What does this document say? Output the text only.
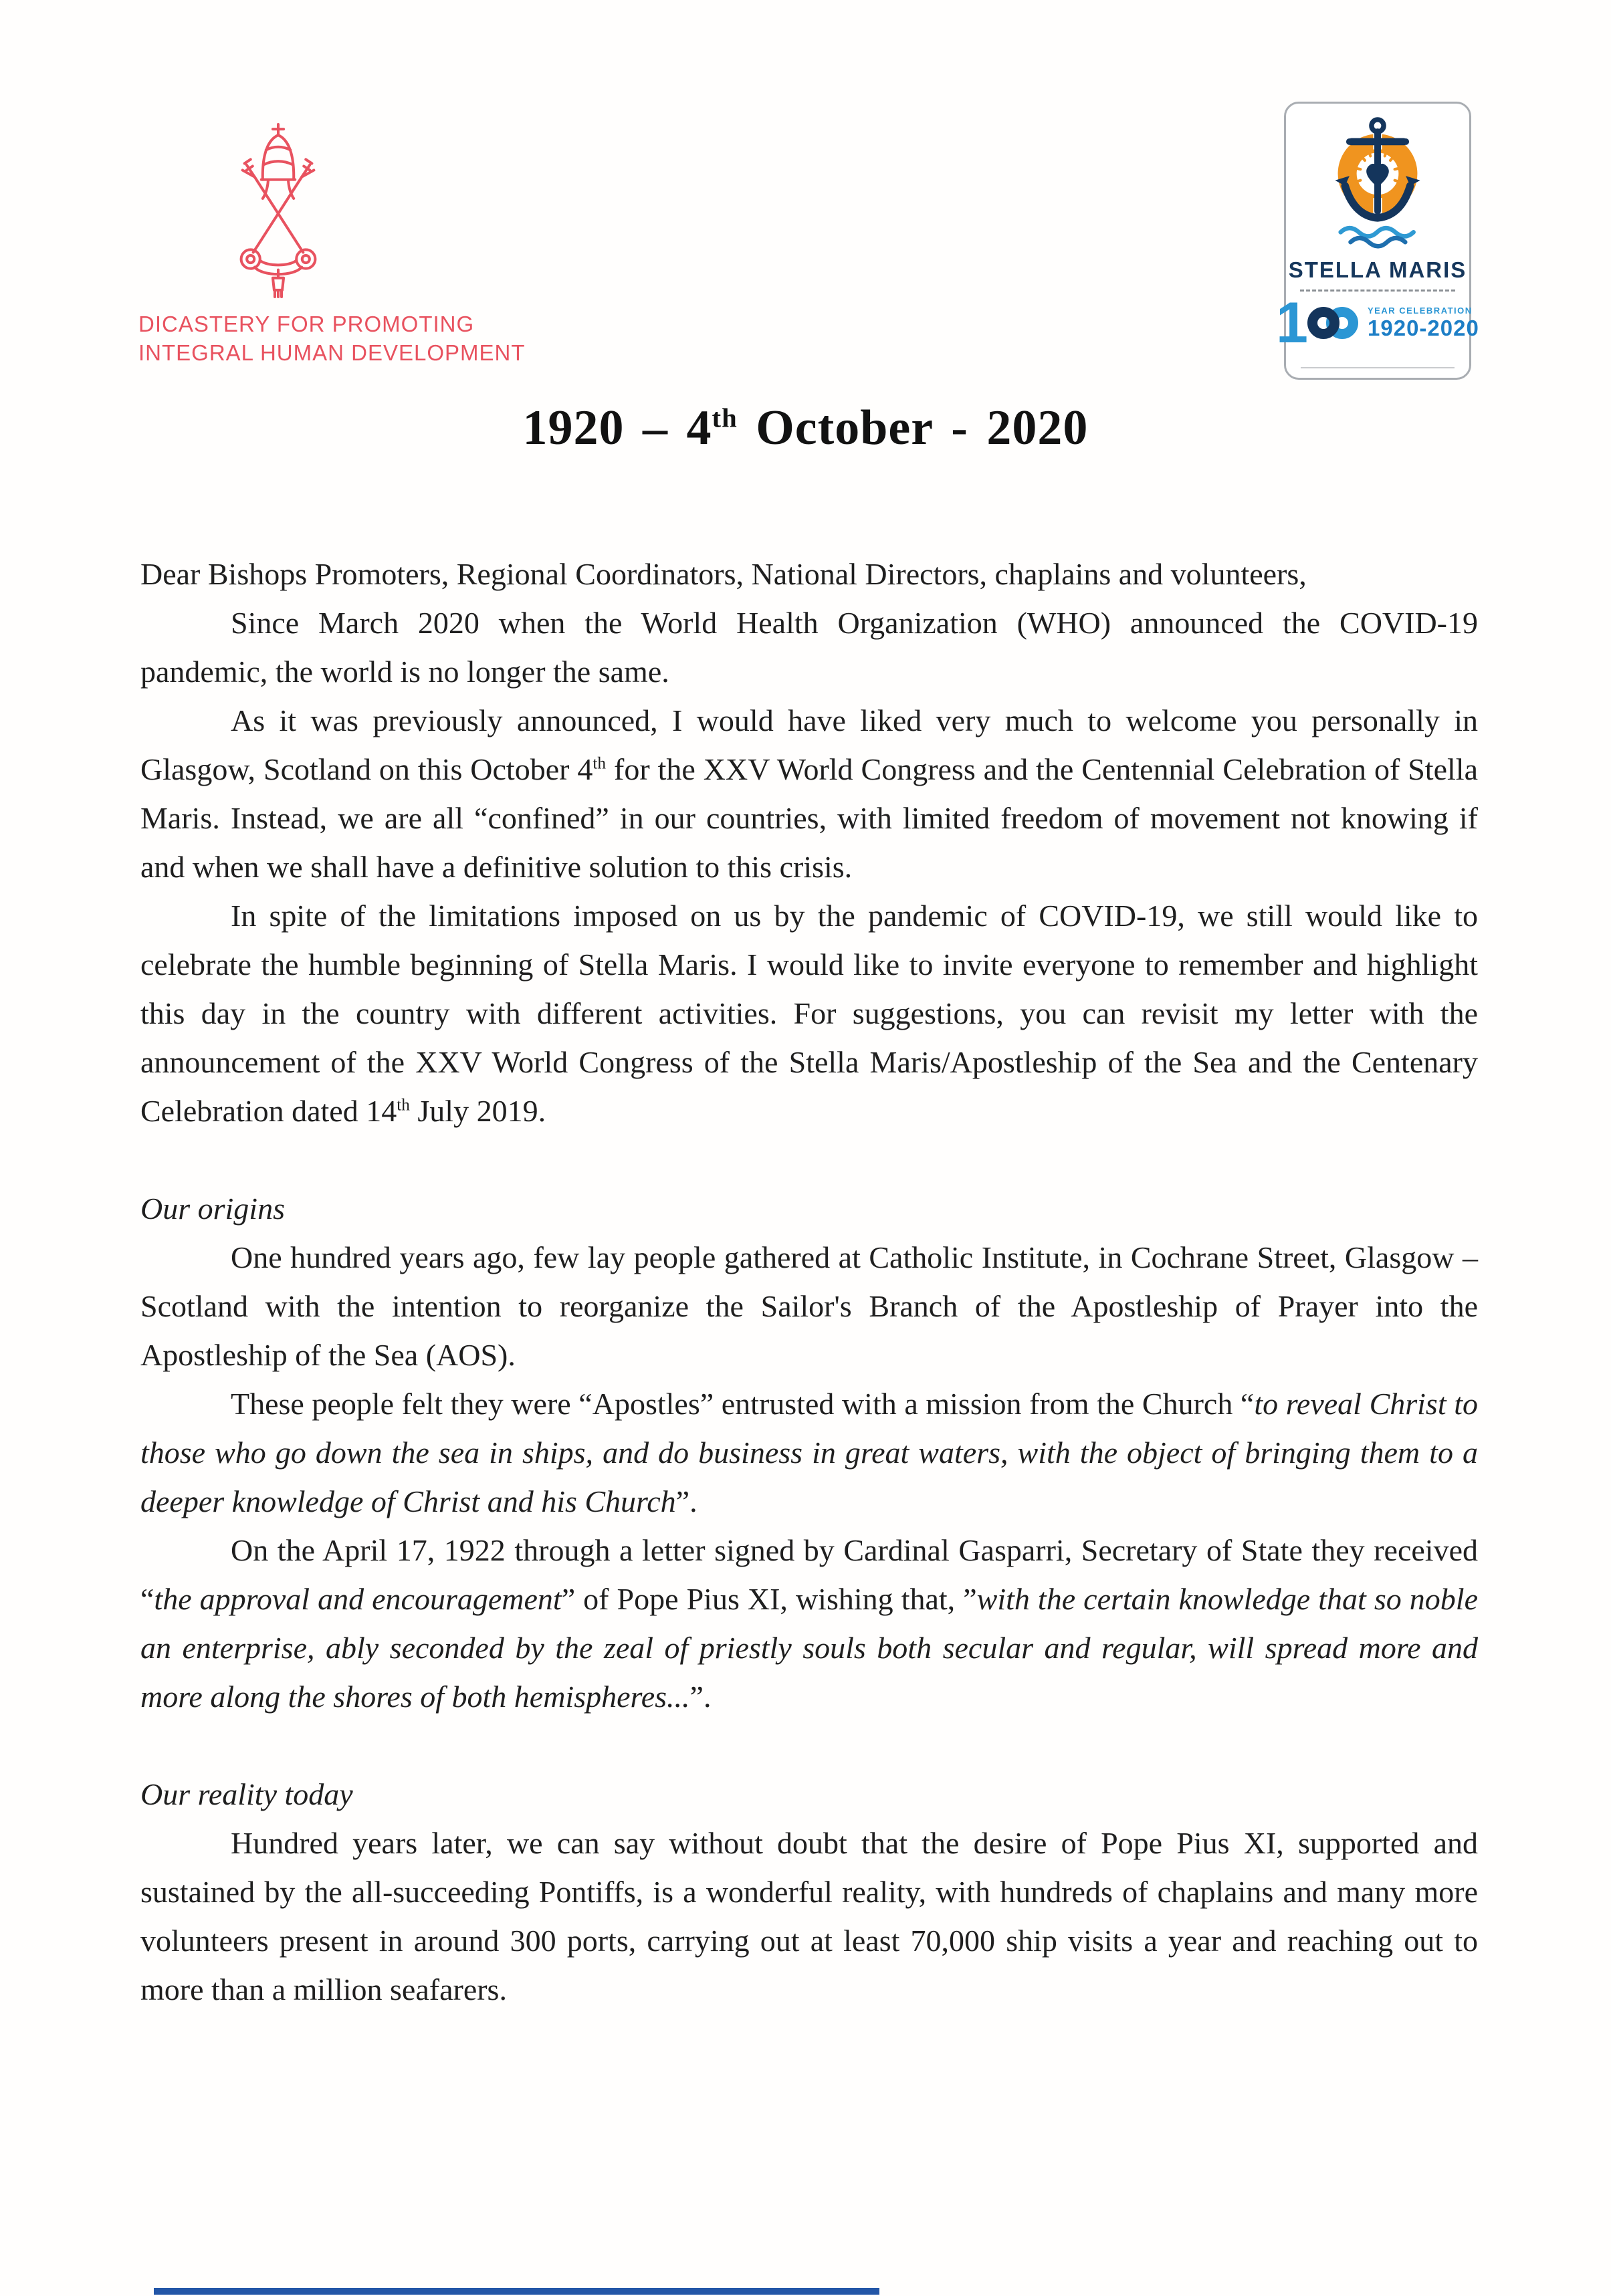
DICASTERY FOR PROMOTING
INTEGRAL HUMAN DEVELOPMENT
STELLA MARIS
1	YEAR CELEBRATION
1920-2020
1920 – 4th October - 2020

Dear Bishops Promoters, Regional Coordinators, National Directors, chaplains and volunteers,

Since March 2020 when the World Health Organization (WHO) announced the COVID-19 pandemic, the world is no longer the same.

As it was previously announced, I would have liked very much to welcome you personally in Glasgow, Scotland on this October 4th for the XXV World Congress and the Centennial Celebration of Stella Maris. Instead, we are all “confined” in our countries, with limited freedom of movement not knowing if and when we shall have a definitive solution to this crisis.

In spite of the limitations imposed on us by the pandemic of COVID-19, we still would like to celebrate the humble beginning of Stella Maris. I would like to invite everyone to remember and highlight this day in the country with different activities. For suggestions, you can revisit my letter with the announcement of the XXV World Congress of the Stella Maris/Apostleship of the Sea and the Centenary Celebration dated 14th July 2019.

Our origins

One hundred years ago, few lay people gathered at Catholic Institute, in Cochrane Street, Glasgow – Scotland with the intention to reorganize the Sailor's Branch of the Apostleship of Prayer into the Apostleship of the Sea (AOS).

These people felt they were “Apostles” entrusted with a mission from the Church “to reveal Christ to those who go down the sea in ships, and do business in great waters, with the object of bringing them to a deeper knowledge of Christ and his Church”.

On the April 17, 1922 through a letter signed by Cardinal Gasparri, Secretary of State they received “the approval and encouragement” of Pope Pius XI, wishing that, ”with the certain knowledge that so noble an enterprise, ably seconded by the zeal of priestly souls both secular and regular, will spread more and more along the shores of both hemispheres...”.

Our reality today

Hundred years later, we can say without doubt that the desire of Pope Pius XI, supported and sustained by the all-succeeding Pontiffs, is a wonderful reality, with hundreds of chaplains and many more volunteers present in around 300 ports, carrying out at least 70,000 ship visits a year and reaching out to more than a million seafarers.
